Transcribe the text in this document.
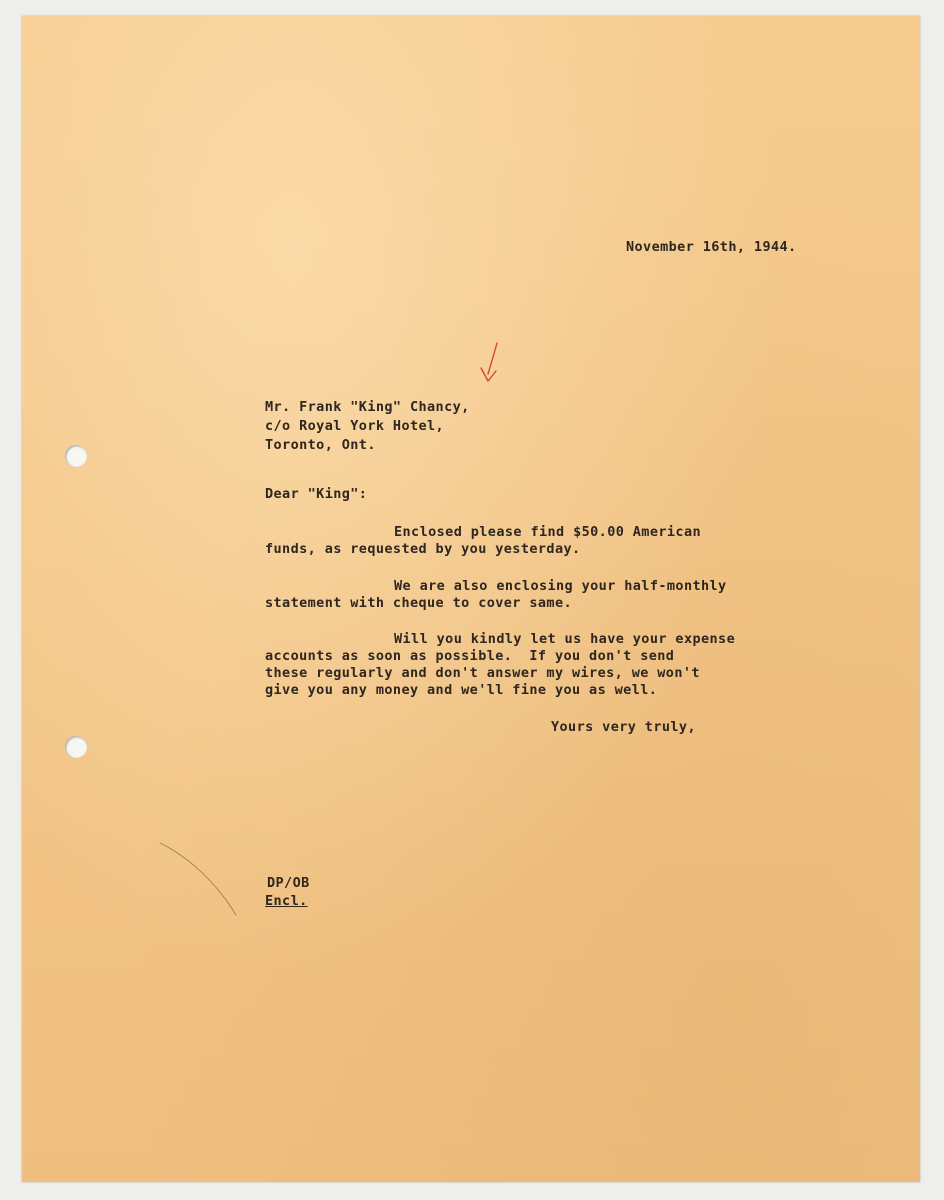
November 16th, 1944.

Mr. Frank "King" Chancy,

c/o Royal York Hotel,

Toronto, Ont.

Dear "King":

Enclosed please find $50.00 American

funds, as requested by you yesterday.

We are also enclosing your half-monthly

statement with cheque to cover same.

Will you kindly let us have your expense

accounts as soon as possible.  If you don't send

these regularly and don't answer my wires, we won't

give you any money and we'll fine you as well.

Yours very truly,

DP/OB

Encl.
